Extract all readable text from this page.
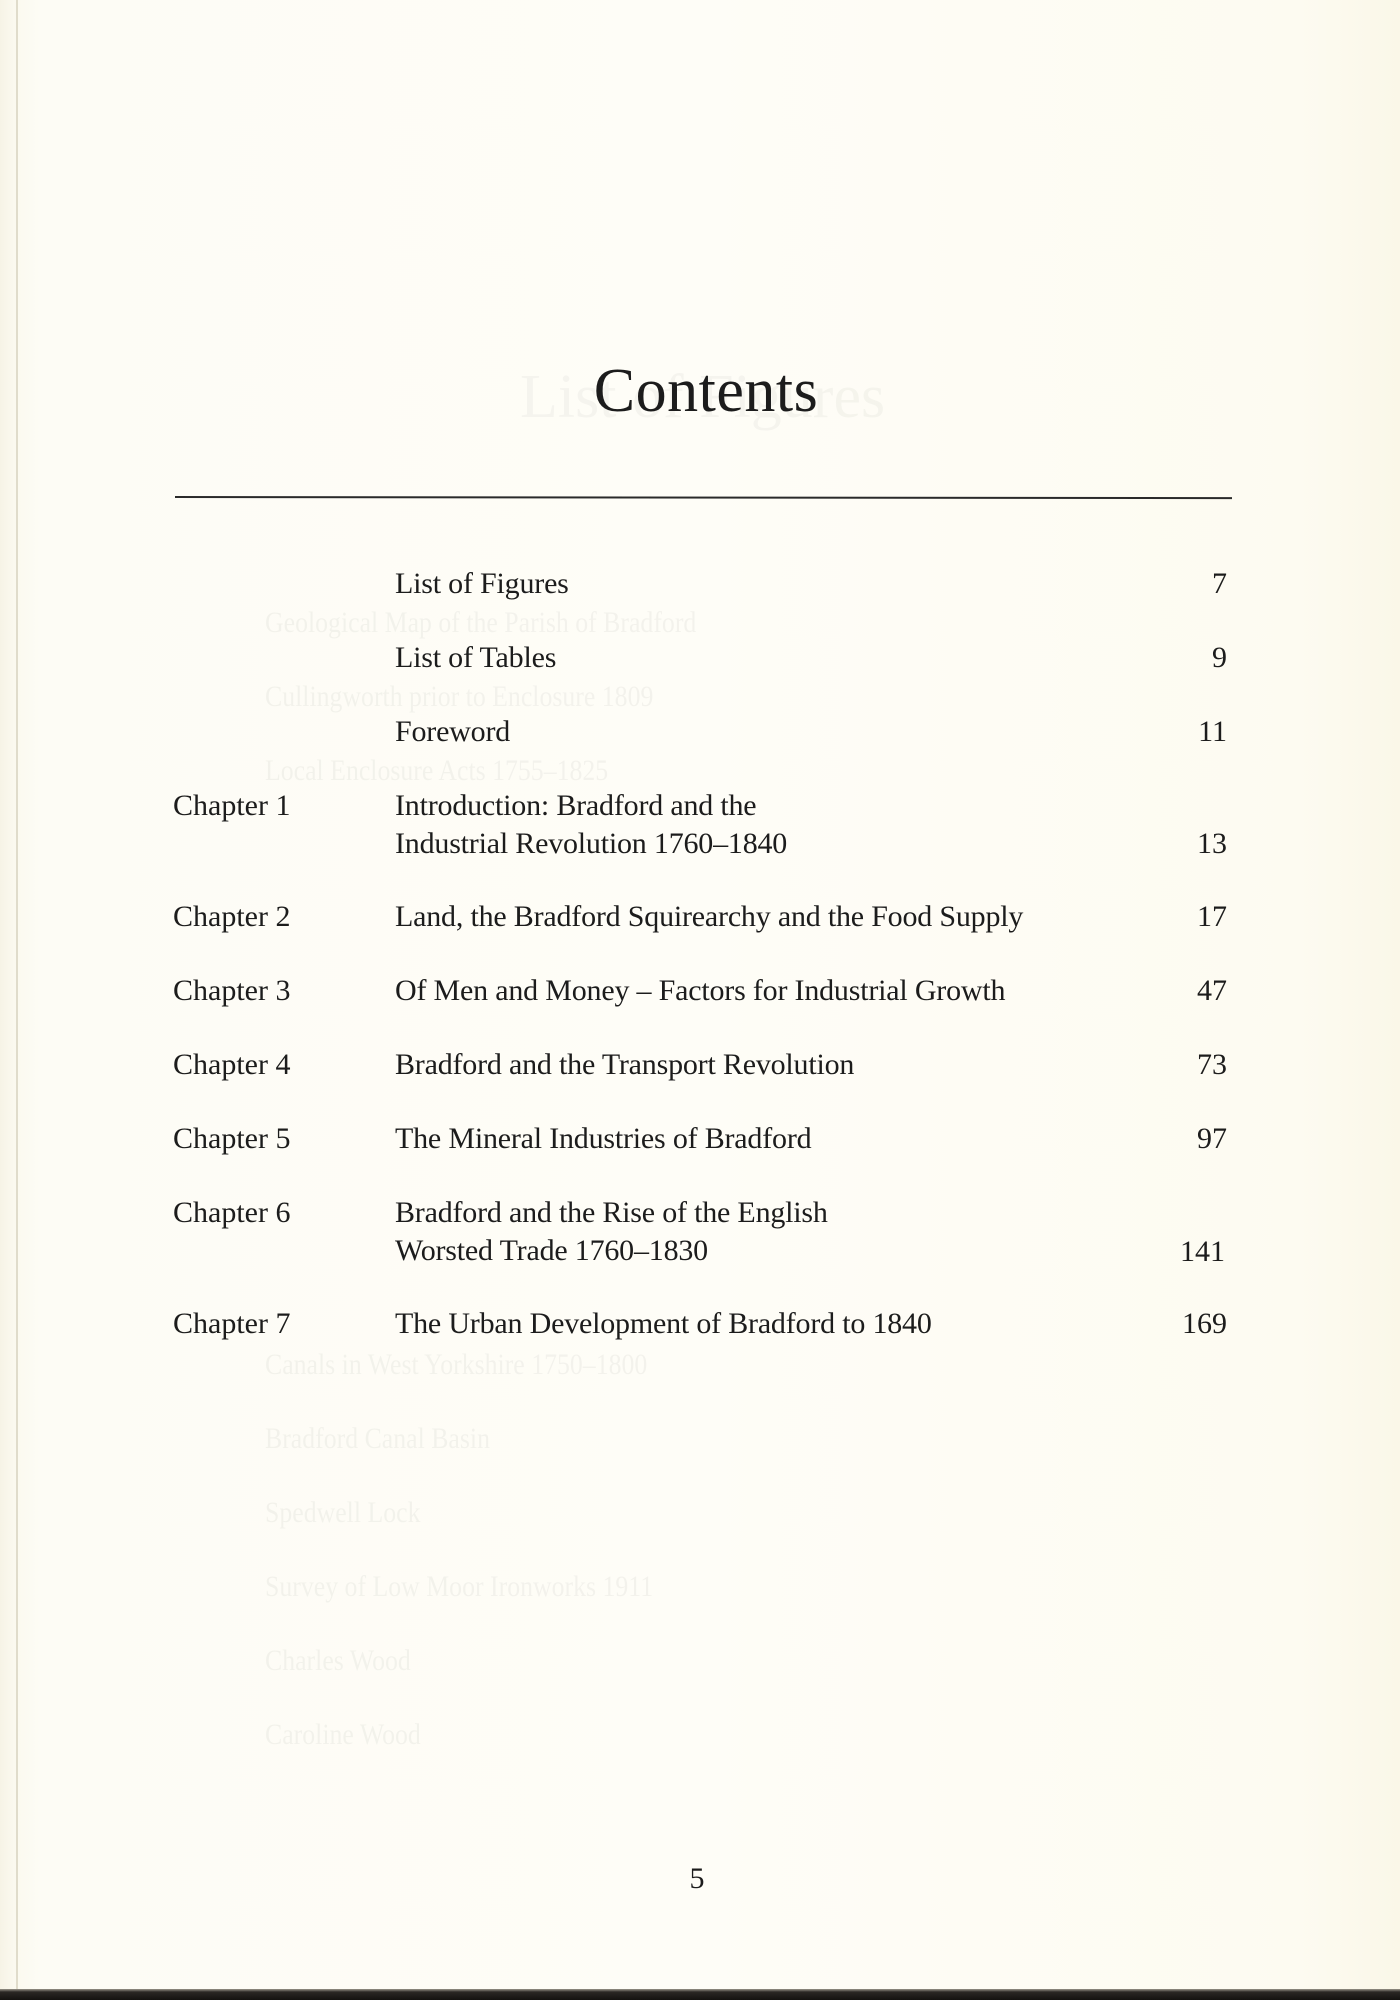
Contents
List of Figures	7
List of Tables	9
Foreword	11
Chapter 1	Introduction: Bradford and the
Industrial Revolution 1760–1840	13
Chapter 2	Land, the Bradford Squirearchy and the Food Supply	17
Chapter 3	Of Men and Money – Factors for Industrial Growth	47
Chapter 4	Bradford and the Transport Revolution	73
Chapter 5	The Mineral Industries of Bradford	97
Chapter 6	Bradford and the Rise of the English
Worsted Trade 1760–1830	141
Chapter 7	The Urban Development of Bradford to 1840	169
5
